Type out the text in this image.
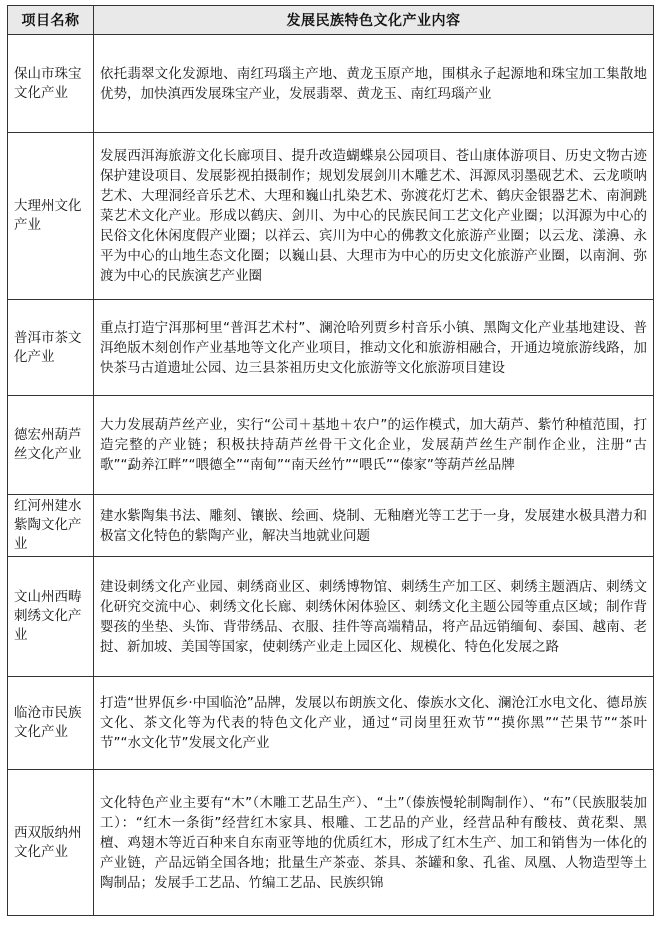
项目名称	发展民族特色文化产业内容
保山市珠宝文化产业	依托翡翠文化发源地、南红玛瑙主产地、黄龙玉原产地，围棋永子起源地和珠宝加工集散地优势，加快滇西发展珠宝产业，发展翡翠、黄龙玉、南红玛瑙产业

大理州文化产业	发展西洱海旅游文化长廊项目、提升改造蝴蝶泉公园项目、苍山康体游项目、历史文物古迹保护建设项目、发展影视拍摄制作；规划发展剑川木雕艺术、洱源凤羽墨砚艺术、云龙唢呐艺术、大理洞经音乐艺术、大理和巍山扎染艺术、弥渡花灯艺术、鹤庆金银器艺术、南涧跳菜艺术文化产业。形成以鹤庆、剑川、为中心的民族民间工艺文化产业圈；以洱源为中心的民俗文化休闲度假产业圈；以祥云、宾川为中心的佛教文化旅游产业圈；以云龙、漾濞、永平为中心的山地生态文化圈；以巍山县、大理市为中心的历史文化旅游产业圈，以南涧、弥渡为中心的民族演艺产业圈

普洱市茶文化产业	重点打造宁洱那柯里“普洱艺术村”、澜沧哈列贾乡村音乐小镇、黑陶文化产业基地建设、普洱绝版木刻创作产业基地等文化产业项目，推动文化和旅游相融合，开通边境旅游线路，加快茶马古道遗址公园、边三县茶祖历史文化旅游等文化旅游项目建设

德宏州葫芦丝文化产业	大力发展葫芦丝产业，实行“公司＋基地＋农户”的运作模式，加大葫芦、紫竹种植范围，打造完整的产业链；积极扶持葫芦丝骨干文化企业，发展葫芦丝生产制作企业，注册“古歌”“勐养江畔”“喂德全”“南甸”“南天丝竹”“喂氏”“傣家”等葫芦丝品牌

红河州建水紫陶文化产业	建水紫陶集书法、雕刻、镶嵌、绘画、烧制、无釉磨光等工艺于一身，发展建水极具潜力和极富文化特色的紫陶产业，解决当地就业问题

文山州西畴刺绣文化产业	建设刺绣文化产业园、刺绣商业区、刺绣博物馆、刺绣生产加工区、刺绣主题酒店、刺绣文化研究交流中心、刺绣文化长廊、刺绣休闲体验区、刺绣文化主题公园等重点区域；制作背婴孩的坐垫、头饰、背带绣品、衣服、挂件等高端精品，将产品远销缅甸、泰国、越南、老挝、新加坡、美国等国家，使刺绣产业走上园区化、规模化、特色化发展之路

临沧市民族文化产业	打造“世界佤乡·中国临沧”品牌，发展以布朗族文化、傣族水文化、澜沧江水电文化、德昂族文化、茶文化等为代表的特色文化产业，通过“司岗里狂欢节”“摸你黑”“芒果节”“茶叶节”“水文化节”发展文化产业

西双版纳州文化产业	文化特色产业主要有“木”（木雕工艺品生产）、“土”（傣族慢轮制陶制作）、“布”（民族服装加工）：“红木一条街”经营红木家具、根雕、工艺品的产业，经营品种有酸枝、黄花梨、黑檀、鸡翅木等近百种来自东南亚等地的优质红木，形成了红木生产、加工和销售为一体化的产业链，产品远销全国各地；批量生产茶壶、茶具、茶罐和象、孔雀、凤凰、人物造型等土陶制品；发展手工艺品、竹编工艺品、民族织锦
